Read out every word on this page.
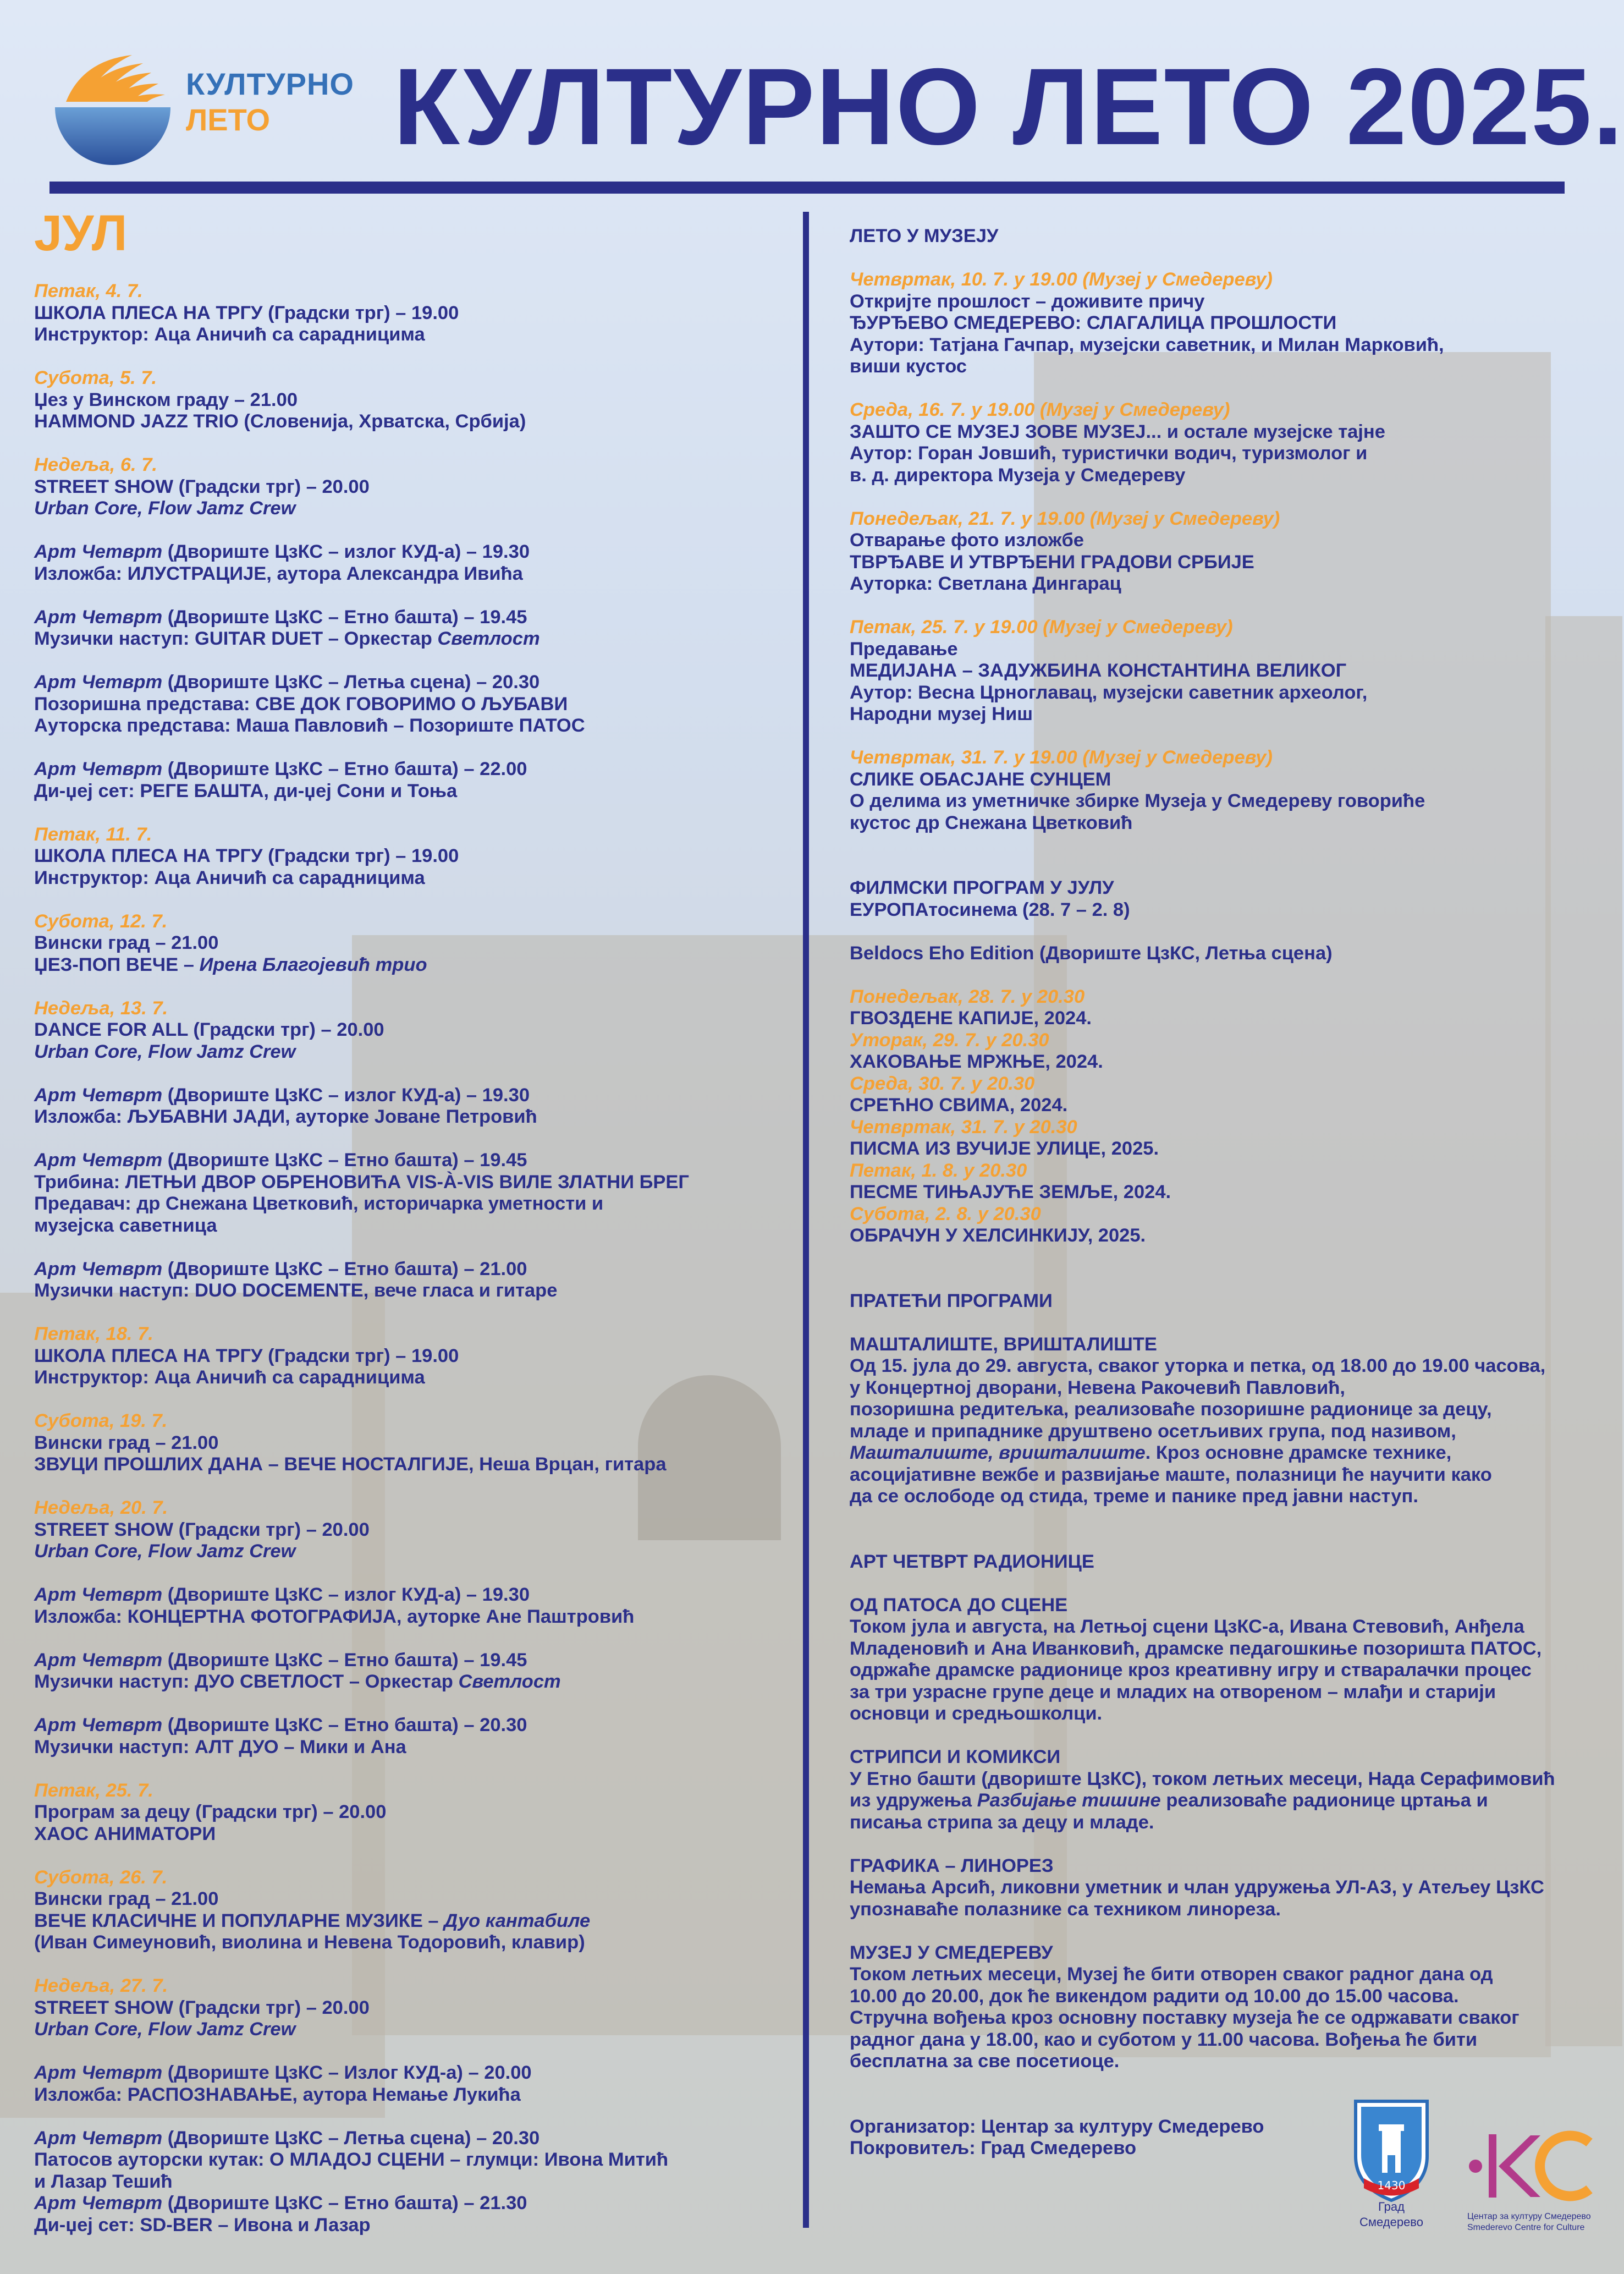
КУЛТУРНО
ЛЕТО КУЛТУРНО ЛЕТО 2025.
ЈУЛ
Петак, 4. 7.
ШКОЛА ПЛЕСА НА ТРГУ (Градски трг) – 19.00
Инструктор: Аца Аничић са сарадницима
Субота, 5. 7.
Џез у Винском граду – 21.00
HAMMOND JAZZ TRIO (Словенија, Хрватска, Србија)
Недеља, 6. 7.
STREET SHOW (Градски трг) – 20.00
Urban Core, Flow Jamz Crew
Арт Четврт (Двориште ЦзКС – излог КУД-а) – 19.30
Изложба: ИЛУСТРАЦИЈЕ, аутора Александра Ивића
Арт Четврт (Двориште ЦзКС – Етно башта) – 19.45
Музички наступ: GUITAR DUET – Оркестар Светлост
Арт Четврт (Двориште ЦзКС – Летња сцена) – 20.30
Позоришна представа: СВЕ ДОК ГОВОРИМО О ЉУБАВИ
Ауторска представа: Маша Павловић – Позориште ПАТОС
Арт Четврт (Двориште ЦзКС – Етно башта) – 22.00
Ди-џеј сет: РЕГЕ БАШТА, ди-џеј Сони и Тоња
Петак, 11. 7.
ШКОЛА ПЛЕСА НА ТРГУ (Градски трг) – 19.00
Инструктор: Аца Аничић са сарадницима
Субота, 12. 7.
Вински град – 21.00
ЏЕЗ-ПОП ВЕЧЕ – Ирена Благојевић трио
Недеља, 13. 7.
DANCE FOR ALL (Градски трг) – 20.00
Urban Core, Flow Jamz Crew
Арт Четврт (Двориште ЦзКС – излог КУД-а) – 19.30
Изложба: ЉУБАВНИ ЈАДИ, ауторке Јоване Петровић
Арт Четврт (Двориште ЦзКС – Етно башта) – 19.45
Трибина: ЛЕТЊИ ДВОР ОБРЕНОВИЋА VIS-À-VIS ВИЛЕ ЗЛАТНИ БРЕГ
Предавач: др Снежана Цветковић, историчарка уметности и
музејска саветница
Арт Четврт (Двориште ЦзКС – Етно башта) – 21.00
Музички наступ: DUO DOCEMENTE, вече гласа и гитаре
Петак, 18. 7.
ШКОЛА ПЛЕСА НА ТРГУ (Градски трг) – 19.00
Инструктор: Аца Аничић са сарадницима
Субота, 19. 7.
Вински град – 21.00
ЗВУЦИ ПРОШЛИХ ДАНА – ВЕЧЕ НОСТАЛГИЈЕ, Неша Врцан, гитара
Недеља, 20. 7.
STREET SHOW (Градски трг) – 20.00
Urban Core, Flow Jamz Crew
Арт Четврт (Двориште ЦзКС – излог КУД-а) – 19.30
Изложба: КОНЦЕРТНА ФОТОГРАФИЈА, ауторке Ане Паштровић
Арт Четврт (Двориште ЦзКС – Етно башта) – 19.45
Музички наступ: ДУО СВЕТЛОСТ – Оркестар Светлост
Арт Четврт (Двориште ЦзКС – Етно башта) – 20.30
Музички наступ: АЛТ ДУО – Мики и Ана
Петак, 25. 7.
Програм за децу (Градски трг) – 20.00
ХАОС АНИМАТОРИ
Субота, 26. 7.
Вински град – 21.00
ВЕЧЕ КЛАСИЧНЕ И ПОПУЛАРНЕ МУЗИКЕ – Дуо кантабиле
(Иван Симеуновић, виолина и Невена Тодоровић, клавир)
Недеља, 27. 7.
STREET SHOW (Градски трг) – 20.00
Urban Core, Flow Jamz Crew
Арт Четврт (Двориште ЦзКС – Излог КУД-а) – 20.00
Изложба: РАСПОЗНАВАЊЕ, аутора Немање Лукића
Арт Четврт (Двориште ЦзКС – Летња сцена) – 20.30
Патосов ауторски кутак: О МЛАДОЈ СЦЕНИ – глумци: Ивона Митић
и Лазар Тешић
Арт Четврт (Двориште ЦзКС – Етно башта) – 21.30
Ди-џеј сет: SD-BER – Ивона и Лазар
ЛЕТО У МУЗЕЈУ
Четвртак, 10. 7. у 19.00 (Музеј у Смедереву)
Откријте прошлост – доживите причу
ЂУРЂЕВО СМЕДЕРЕВО: СЛАГАЛИЦА ПРОШЛОСТИ
Аутори: Татјана Гачпар, музејски саветник, и Милан Марковић,
виши кустос
Среда, 16. 7. у 19.00 (Музеј у Смедереву)
ЗАШТО СЕ МУЗЕЈ ЗОВЕ МУЗЕЈ... и остале музејске тајне
Аутор: Горан Јовшић, туристички водич, туризмолог и
в. д. директора Музеја у Смедереву
Понедељак, 21. 7. у 19.00 (Музеј у Смедереву)
Отварање фото изложбе
ТВРЂАВЕ И УТВРЂЕНИ ГРАДОВИ СРБИЈЕ
Ауторка: Светлана Дингарац
Петак, 25. 7. у 19.00 (Музеј у Смедереву)
Предавање
МЕДИЈАНА – ЗАДУЖБИНА КОНСТАНТИНА ВЕЛИКОГ
Аутор: Весна Црноглавац, музејски саветник археолог,
Народни музеј Ниш
Четвртак, 31. 7. у 19.00 (Музеј у Смедереву)
СЛИКЕ ОБАСЈАНЕ СУНЦЕМ
О делима из уметничке збирке Музеја у Смедереву говориће
кустос др Снежана Цветковић
ФИЛМСКИ ПРОГРАМ У ЈУЛУ
ЕУРОПАтосинема (28. 7 – 2. 8)
Beldocs Eho Edition (Двориште ЦзКС, Летња сцена)
Понедељак, 28. 7. у 20.30
ГВОЗДЕНЕ КАПИЈЕ, 2024.
Уторак, 29. 7. у 20.30
ХАКОВАЊЕ МРЖЊЕ, 2024.
Среда, 30. 7. у 20.30
СРЕЋНО СВИМА, 2024.
Четвртак, 31. 7. у 20.30
ПИСМА ИЗ ВУЧИЈЕ УЛИЦЕ, 2025.
Петак, 1. 8. у 20.30
ПЕСМЕ ТИЊАЈУЋЕ ЗЕМЉЕ, 2024.
Субота, 2. 8. у 20.30
ОБРАЧУН У ХЕЛСИНКИЈУ, 2025.
ПРАТЕЋИ ПРОГРАМИ
МАШТАЛИШТЕ, ВРИШТАЛИШТЕ
Од 15. јула до 29. августа, сваког уторка и петка, од 18.00 до 19.00 часова,
у Концертној дворани, Невена Ракочевић Павловић,
позоришна редитељка, реализоваће позоришне радионице за децу,
младе и припаднике друштвено осетљивих група, под називом,
Машталиште, вришталиште. Кроз основне драмске технике,
асоцијативне вежбе и развијање маште, полазници ће научити како
да се ослободе од стида, треме и панике пред јавни наступ.
АРТ ЧЕТВРТ РАДИОНИЦЕ
ОД ПАТОСА ДО СЦЕНЕ
Током јула и августа, на Летњој сцени ЦзКС-а, Ивана Стевовић, Анђела
Младеновић и Ана Иванковић, драмске педагошкиње позоришта ПАТОС,
одржаће драмске радионице кроз креативну игру и стваралачки процес
за три узрасне групе деце и младих на отвореном – млађи и старији
основци и средњошколци.
СТРИПСИ И КОМИКСИ
У Етно башти (двориште ЦзКС), током летњих месеци, Нада Серафимовић
из удружења Разбијање тишине реализоваће радионице цртања и
писања стрипа за децу и младе.
ГРАФИКА – ЛИНОРЕЗ
Немања Арсић, ликовни уметник и члан удружења УЛ-АЗ, у Атељеу ЦзКС
упознаваће полазнике са техником линореза.
МУЗЕЈ У СМЕДЕРЕВУ
Током летњих месеци, Музеј ће бити отворен сваког радног дана од
10.00 до 20.00, док ће викендом радити од 10.00 до 15.00 часова.
Стручна вођења кроз основну поставку музеја ће се одржавати сваког
радног дана у 18.00, као и суботом у 11.00 часова. Вођења ће бити
бесплатна за све посетиоце.
Организатор: Центар за културу Смедерево
Покровитељ: Град Смедерево
1430
Град
Смедерево	Центар за културу Смедерево
Smederevo Centre for Culture
